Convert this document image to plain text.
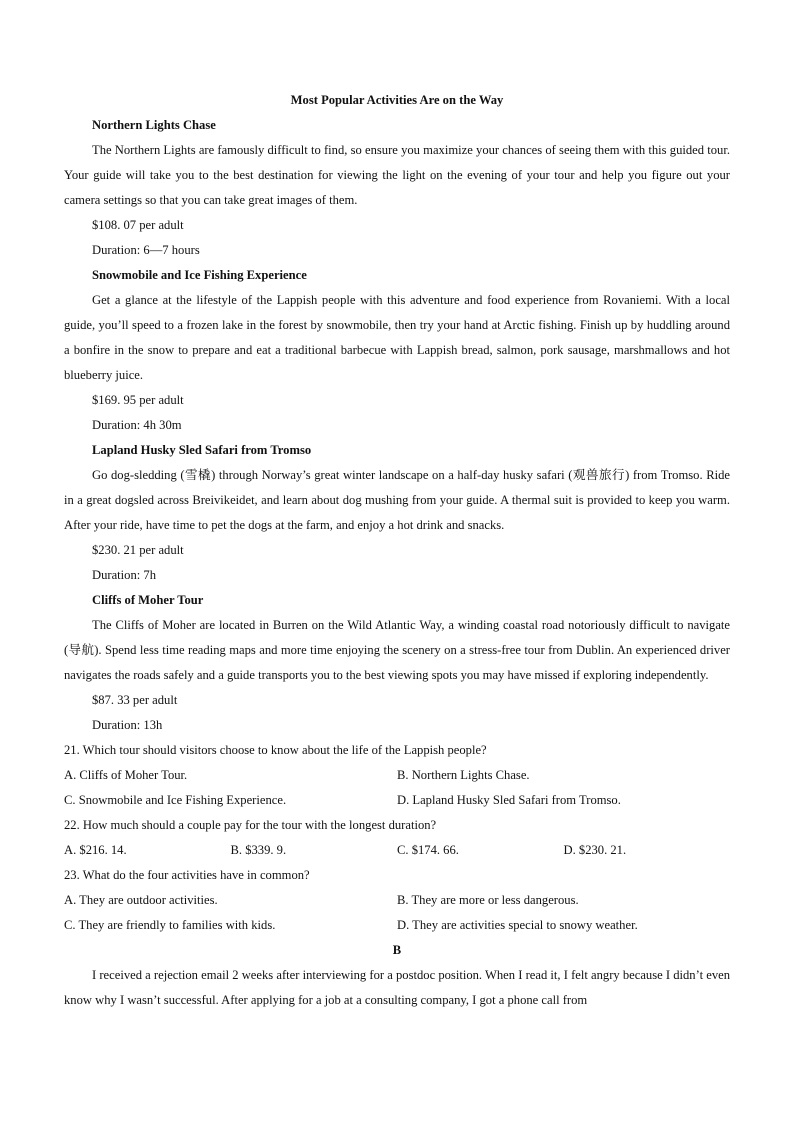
Most Popular Activities Are on the Way
Northern Lights Chase

The Northern Lights are famously difficult to find, so ensure you maximize your chances of seeing them with this guided tour. Your guide will take you to the best destination for viewing the light on the evening of your tour and help you figure out your camera settings so that you can take great images of them.

$108. 07 per adult
Duration: 6—7 hours
Snowmobile and Ice Fishing Experience

Get a glance at the lifestyle of the Lappish people with this adventure and food experience from Rovaniemi. With a local guide, you’ll speed to a frozen lake in the forest by snowmobile, then try your hand at Arctic fishing. Finish up by huddling around a bonfire in the snow to prepare and eat a traditional barbecue with Lappish bread, salmon, pork sausage, marshmallows and hot blueberry juice.

$169. 95 per adult
Duration: 4h 30m
Lapland Husky Sled Safari from Tromso

Go dog-sledding (雪橇) through Norway’s great winter landscape on a half-day husky safari (观兽旅行) from Tromso. Ride in a great dogsled across Breivikeidet, and learn about dog mushing from your guide. A thermal suit is provided to keep you warm. After your ride, have time to pet the dogs at the farm, and enjoy a hot drink and snacks.

$230. 21 per adult
Duration: 7h
Cliffs of Moher Tour

The Cliffs of Moher are located in Burren on the Wild Atlantic Way, a winding coastal road notoriously difficult to navigate (导航). Spend less time reading maps and more time enjoying the scenery on a stress-free tour from Dublin. An experienced driver navigates the roads safely and a guide transports you to the best viewing spots you may have missed if exploring independently.

$87. 33 per adult
Duration: 13h
21. Which tour should visitors choose to know about the life of the Lappish people?
A. Cliffs of Moher Tour.	B. Northern Lights Chase.
C. Snowmobile and Ice Fishing Experience.	D. Lapland Husky Sled Safari from Tromso.
22. How much should a couple pay for the tour with the longest duration?
A. $216. 14.	B. $339. 9.	C. $174. 66.	D. $230. 21.
23. What do the four activities have in common?
A. They are outdoor activities.	B. They are more or less dangerous.
C. They are friendly to families with kids.	D. They are activities special to snowy weather.
B

I received a rejection email 2 weeks after interviewing for a postdoc position. When I read it, I felt angry because I didn’t even know why I wasn’t successful. After applying for a job at a consulting company, I got a phone call from
